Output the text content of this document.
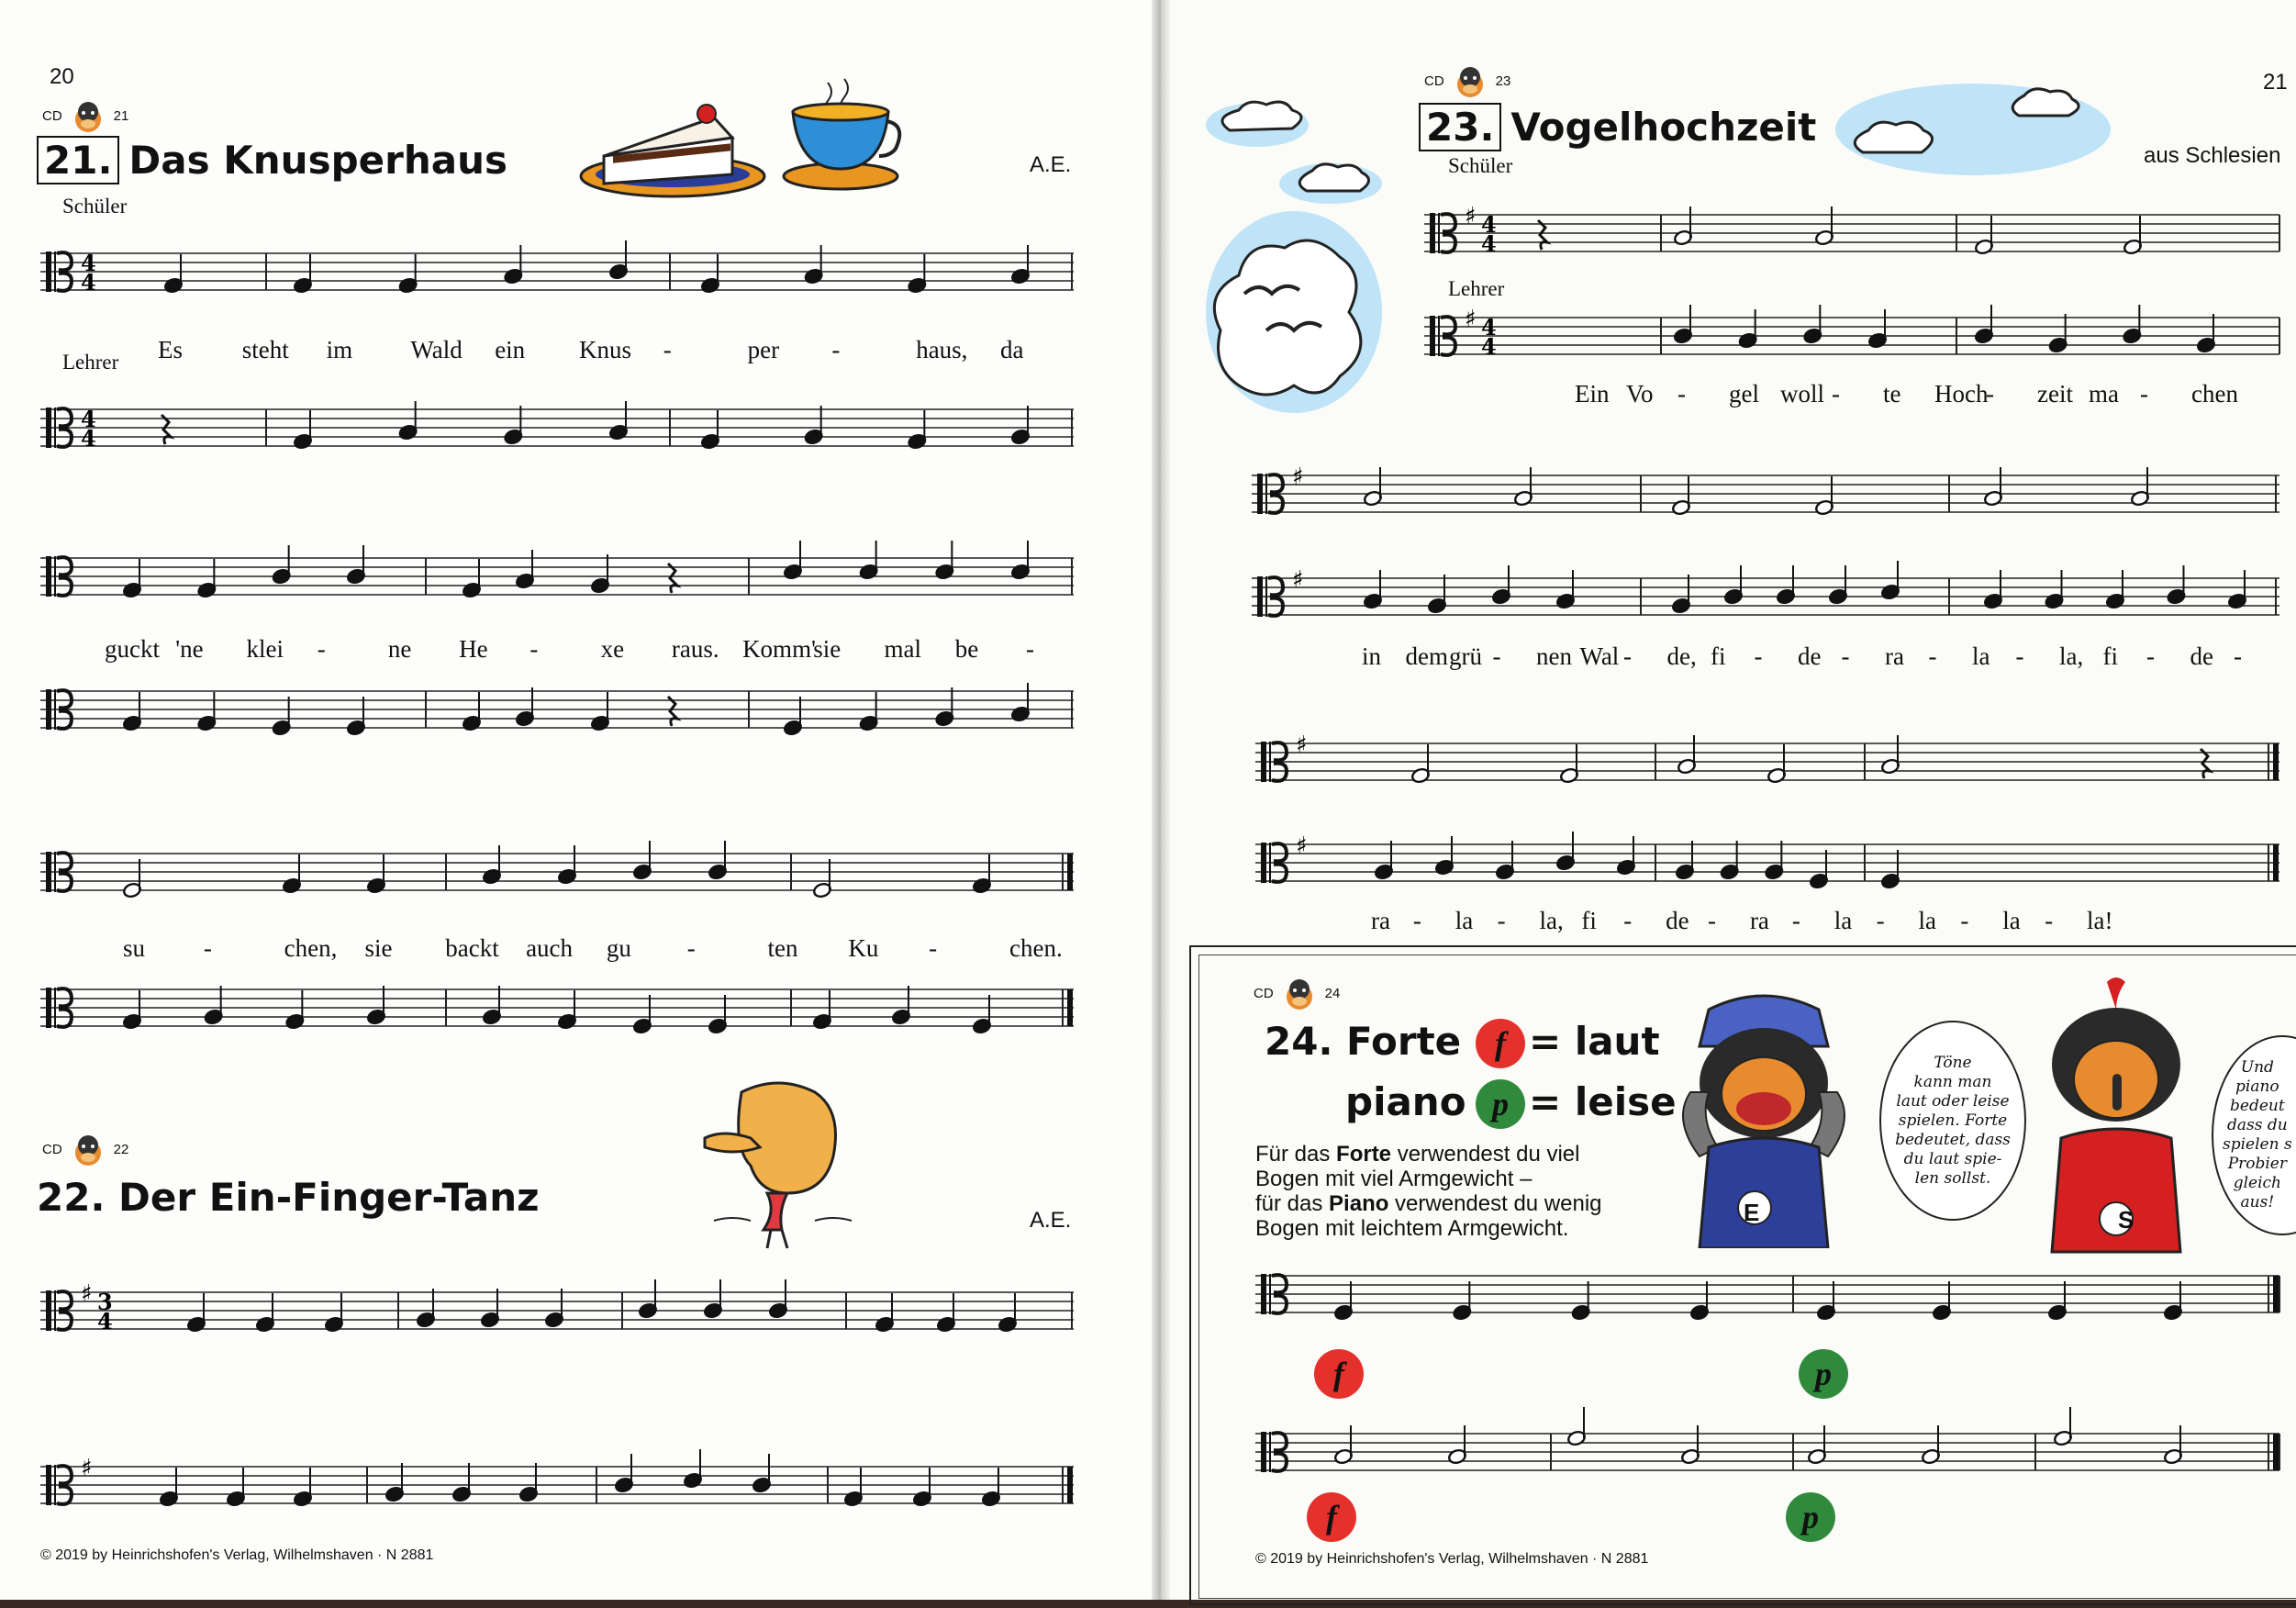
20
CD	21
21. Das Knusperhaus	A.E.
Schüler
Lehrer
4
4
4
4
Es steht im Wald ein Knus -	per -	haus, da
guckt 'ne klei -	ne He -	xe raus. Komm'
sie mal be -
su -	chen, sie backt auch gu -	ten Ku -	chen.
CD	22
22. Der Ein-Finger-Tanz
A.E.
♯ 3
4
♯
© 2019 by Heinrichshofen's Verlag, Wilhelmshaven · N 2881
21
CD	23
23. Vogelhochzeit
aus Schlesien
Schüler
Lehrer
♯ 4
4
♯ 4
4
Ein Vo - gel woll - te Hoch
- zeit ma - chen
♯
♯
in dem grü - nen Wal - de, fi - de - ra - la - la, fi - de -
♯
♯
ra - la - la, fi - de - ra - la - la - la - la!
CD	24
24. Forte	f = laut
piano p = leise
Für das Forte verwendest du viel
Bogen mit viel Armgewicht –
für das Piano verwendest du wenig
Bogen mit leichtem Armgewicht.
E	S
Töne
kann man
laut oder leise
spielen. Forte
bedeutet, dass
du laut spie-
len sollst.
Und
piano
bedeut
dass du
spielen s
Probier
gleich
aus!
f	p
f	p
© 2019 by Heinrichshofen's Verlag, Wilhelmshaven · N 2881
